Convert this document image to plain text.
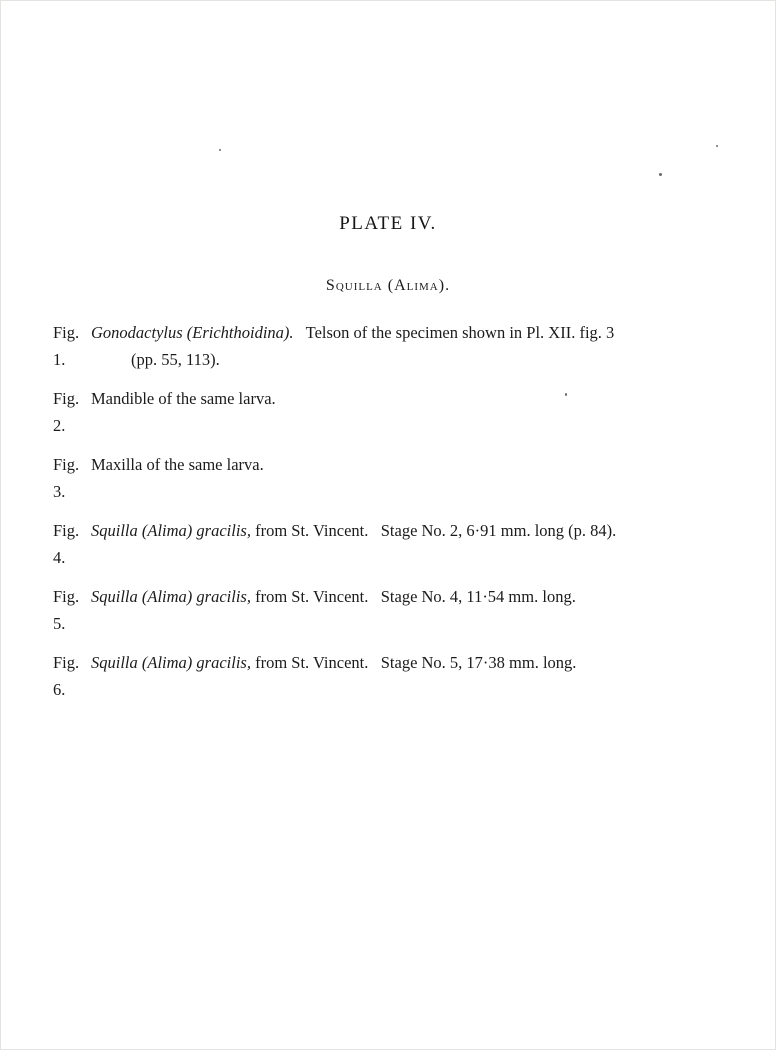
PLATE IV.
Squilla (Alima).
Fig. 1.
Gonodactylus (Erichthoidina).   Telson of the specimen shown in Pl. XII. fig. 3
(pp. 55, 113).
Fig. 2.
Mandible of the same larva.
Fig. 3.
Maxilla of the same larva.
Fig. 4.
Squilla (Alima) gracilis, from St. Vincent.   Stage No. 2, 6·91 mm. long (p. 84).
Fig. 5.
Squilla (Alima) gracilis, from St. Vincent.   Stage No. 4, 11·54 mm. long.
Fig. 6.
Squilla (Alima) gracilis, from St. Vincent.   Stage No. 5, 17·38 mm. long.
